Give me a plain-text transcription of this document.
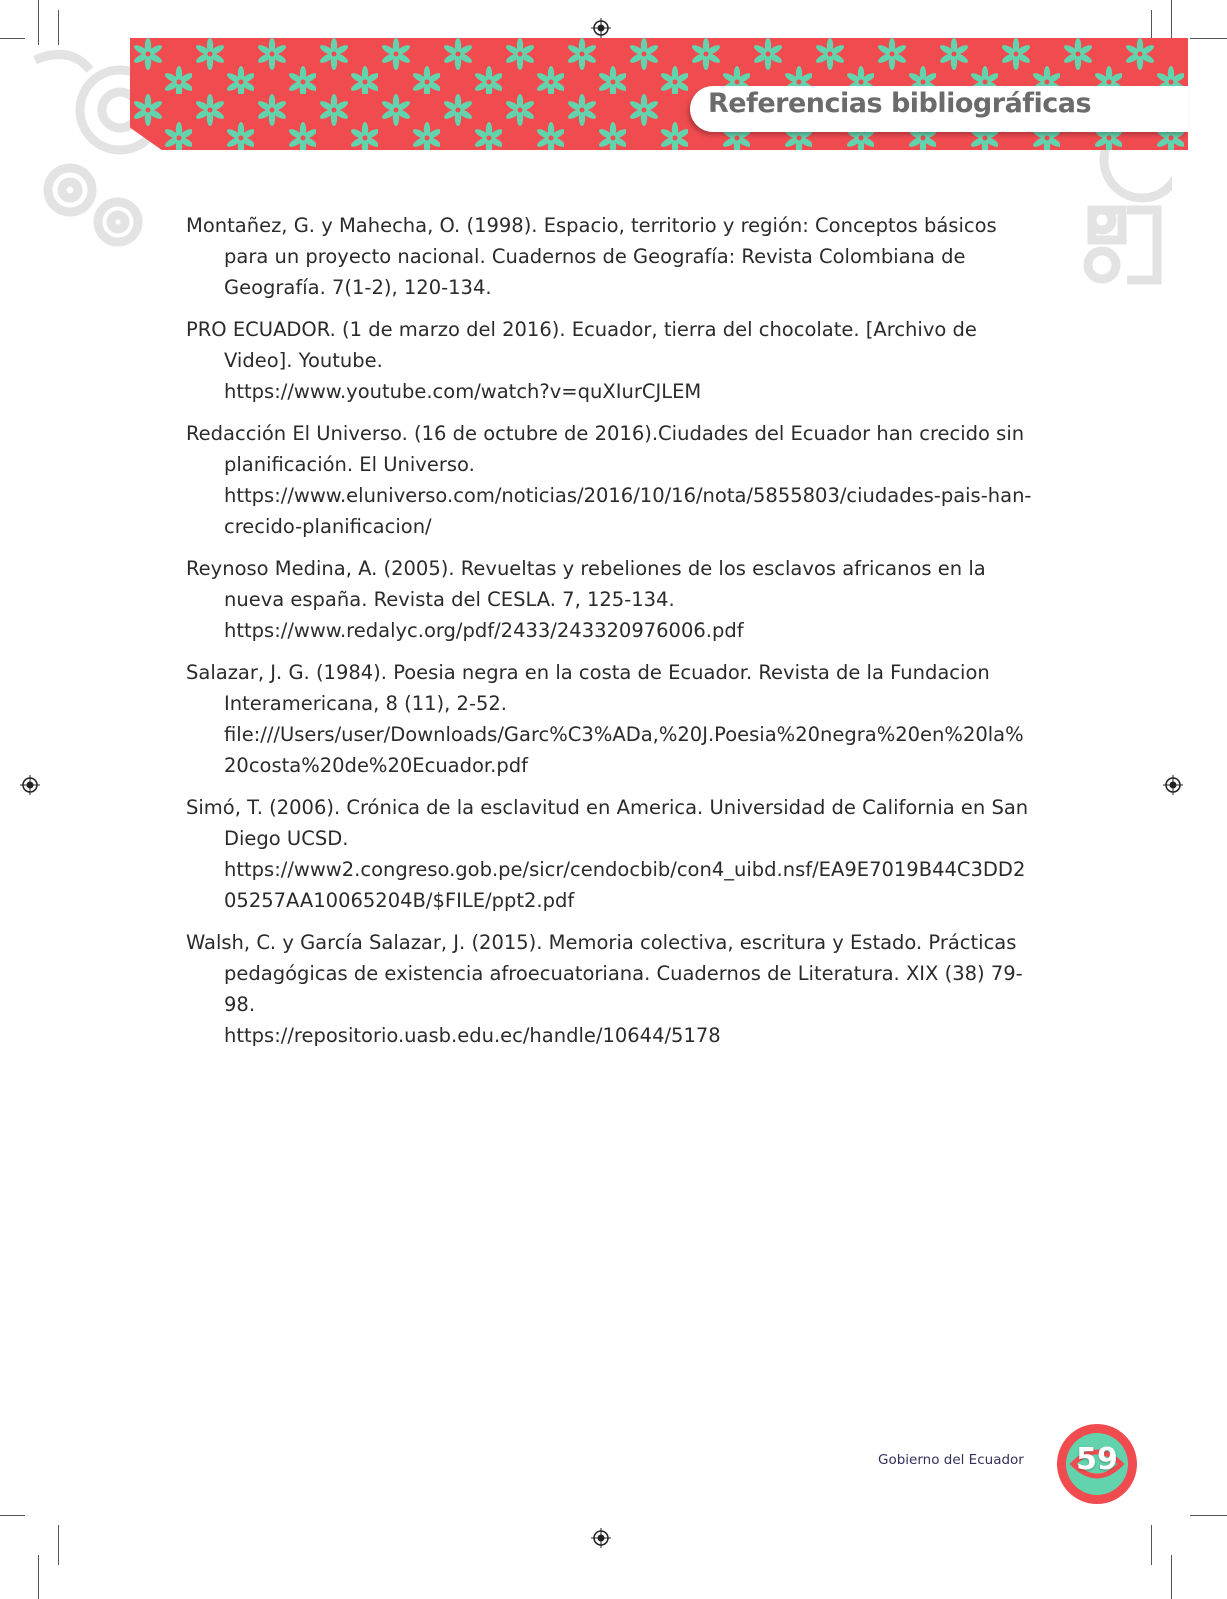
Referencias bibliográficas
Montañez, G. y Mahecha, O. (1998). Espacio, territorio y región: Conceptos básicos para un proyecto nacional. Cuadernos de Geografía: Revista Colombiana de Geografía. 7(1-2), 120-134.
PRO ECUADOR. (1 de marzo del 2016). Ecuador, tierra del chocolate. [Archivo de Video]. Youtube.
https://www.youtube.com/watch?v=quXIurCJLEM
Redacción El Universo. (16 de octubre de 2016).Ciudades del Ecuador han crecido sin planificación. El Universo.
https://www.eluniverso.com/noticias/2016/10/16/nota/5855803/ciudades-pais-han-crecido-planificacion/
Reynoso Medina, A. (2005). Revueltas y rebeliones de los esclavos africanos en la nueva españa. Revista del CESLA. 7, 125-134.
https://www.redalyc.org/pdf/2433/243320976006.pdf
Salazar, J. G. (1984). Poesia negra en la costa de Ecuador. Revista de la Fundacion Interamericana, 8 (11), 2-52.
file:///Users/user/Downloads/Garc%C3%ADa,%20J.Poesia%20negra%20en%20la%20costa%20de%20Ecuador.pdf
Simó, T. (2006). Crónica de la esclavitud en America. Universidad de California en San Diego UCSD.
https://www2.congreso.gob.pe/sicr/cendocbib/con4_uibd.nsf/EA9E7019B44C3DD205257AA10065204B/$FILE/ppt2.pdf
Walsh, C. y García Salazar, J. (2015). Memoria colectiva, escritura y Estado. Prácticas pedagógicas de existencia afroecuatoriana. Cuadernos de Literatura. XIX (38) 79-98.
https://repositorio.uasb.edu.ec/handle/10644/5178
Gobierno del Ecuador	59
